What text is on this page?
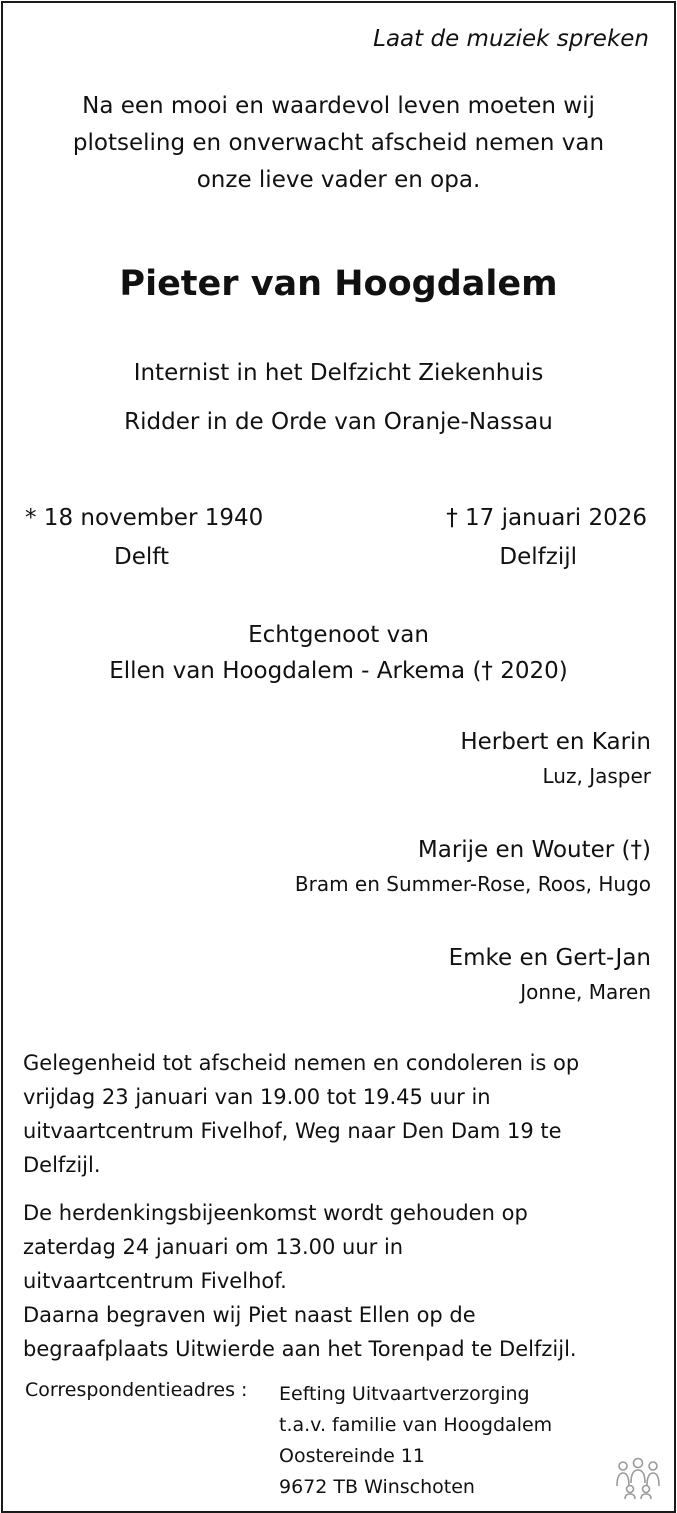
Laat de muziek spreken
Na een mooi en waardevol leven moeten wij
plotseling en onverwacht afscheid nemen van
onze lieve vader en opa.
Pieter van Hoogdalem
Internist in het Delfzicht Ziekenhuis
Ridder in de Orde van Oranje-Nassau
* 18 november 1940
Delft
† 17 januari 2026
Delfzijl
Echtgenoot van
Ellen van Hoogdalem - Arkema († 2020)
Herbert en Karin
Luz, Jasper
Marije en Wouter (†)
Bram en Summer-Rose, Roos, Hugo
Emke en Gert-Jan
Jonne, Maren
Gelegenheid tot afscheid nemen en condoleren is op
vrijdag 23 januari van 19.00 tot 19.45 uur in
uitvaartcentrum Fivelhof, Weg naar Den Dam 19 te
Delfzijl.
De herdenkingsbijeenkomst wordt gehouden op
zaterdag 24 januari om 13.00 uur in
uitvaartcentrum Fivelhof.
Daarna begraven wij Piet naast Ellen op de
begraafplaats Uitwierde aan het Torenpad te Delfzijl.
Correspondentieadres : Eefting Uitvaartverzorging
t.a.v. familie van Hoogdalem
Oostereinde 11
9672 TB Winschoten
